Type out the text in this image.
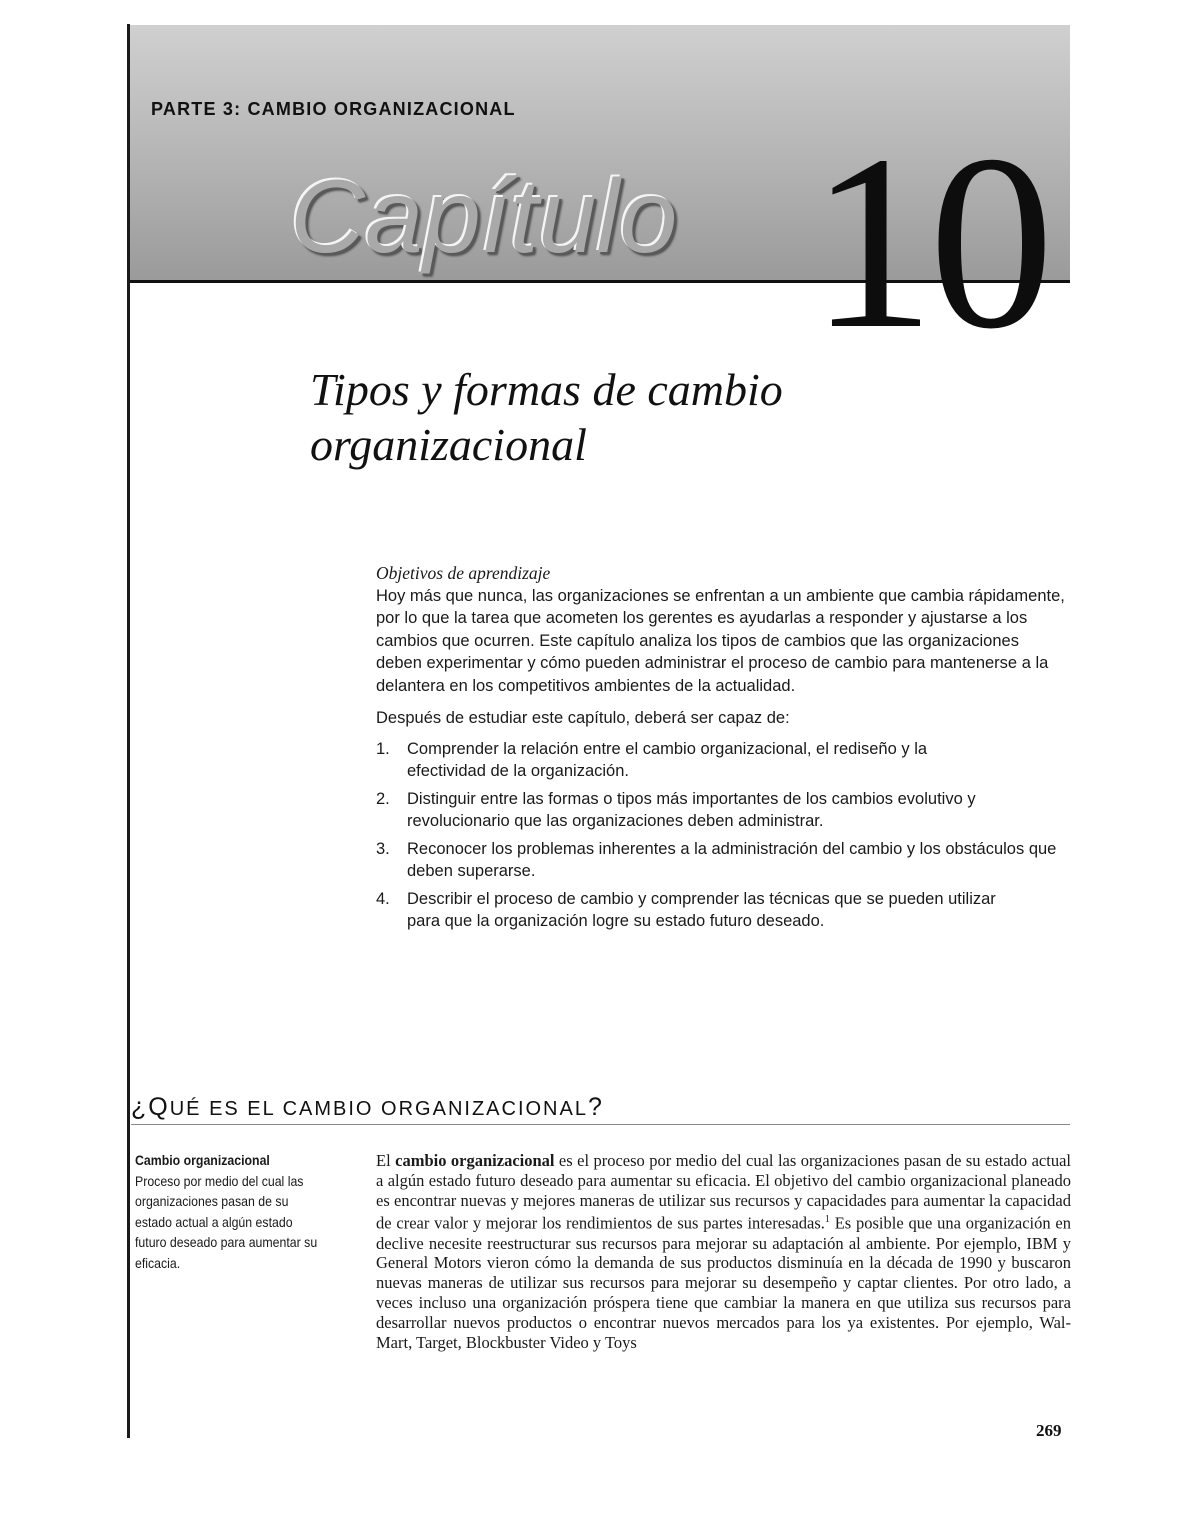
PARTE 3: CAMBIO ORGANIZACIONAL
Capítulo 10
Tipos y formas de cambio organizacional
Objetivos de aprendizaje
Hoy más que nunca, las organizaciones se enfrentan a un ambiente que cambia rápidamente, por lo que la tarea que acometen los gerentes es ayudarlas a responder y ajustarse a los cambios que ocurren. Este capítulo analiza los tipos de cambios que las organizaciones deben experimentar y cómo pueden administrar el proceso de cambio para mantenerse a la delantera en los competitivos ambientes de la actualidad.
Después de estudiar este capítulo, deberá ser capaz de:
1.	Comprender la relación entre el cambio organizacional, el rediseño y la efectividad de la organización.
2.	Distinguir entre las formas o tipos más importantes de los cambios evolutivo y revolucionario que las organizaciones deben administrar.
3.	Reconocer los problemas inherentes a la administración del cambio y los obstáculos que deben superarse.
4.	Describir el proceso de cambio y comprender las técnicas que se pueden utilizar para que la organización logre su estado futuro deseado.
¿QUÉ ES EL CAMBIO ORGANIZACIONAL?
Cambio organizacional
Proceso por medio del cual las organizaciones pasan de su estado actual a algún estado futuro deseado para aumentar su eficacia.
El cambio organizacional es el proceso por medio del cual las organizaciones pasan de su estado actual a algún estado futuro deseado para aumentar su eficacia. El objetivo del cambio organizacional planeado es encontrar nuevas y mejores maneras de utilizar sus recursos y capacidades para aumentar la capacidad de crear valor y mejorar los rendimientos de sus partes interesadas.$^1$ Es posible que una organización en declive necesite reestructurar sus recursos para mejorar su adaptación al ambiente. Por ejemplo, IBM y General Motors vieron cómo la demanda de sus productos disminuía en la década de 1990 y buscaron nuevas maneras de utilizar sus recursos para mejorar su desempeño y captar clientes. Por otro lado, a veces incluso una organización próspera tiene que cambiar la manera en que utiliza sus recursos para desarrollar nuevos productos o encontrar nuevos mercados para los ya existentes. Por ejemplo, Wal-Mart, Target, Blockbuster Video y Toys
269
